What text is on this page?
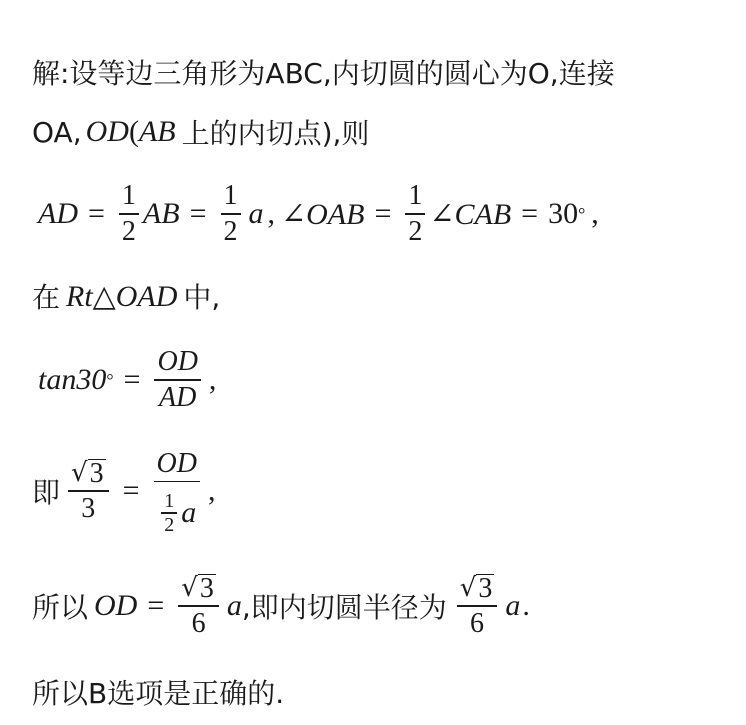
解:设等边三角形为ABC,内切圆的圆心为O,连接
OA, OD ( AB 上的内切点),则
AD = $\frac{1}{2}$ AB = $\frac{1}{2}$ a , ∠OAB = $\frac{1}{2}$ ∠CAB = 30 ° ,
在 Rt△OAD 中,
tan30 ° = $\frac{OD}{AD}$ ,
即 $\frac{√ 3}{3} = \frac{OD}{\frac{1}{2} a}$ ,
所以 OD = $\frac{√ 3}{6}$ a ,即内切圆半径为 $\frac{√ 3}{6}$ a .
所以B选项是正确的.
